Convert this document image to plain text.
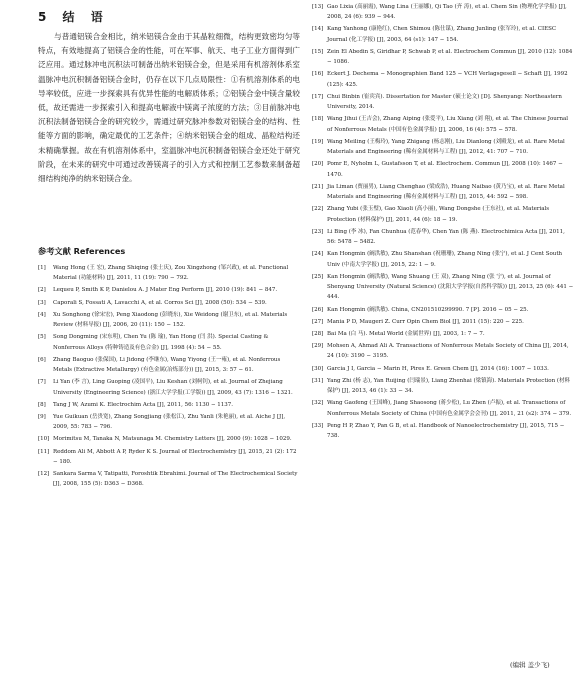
5 结 语
与普通铝镁合金相比，纳米铝镁合金由于其晶粒细微，结构更致密均匀等特点，有效地提高了铝镁合金的性能，可在军事、航天、电子工业方面得到广泛应用。通过脉冲电沉积法可制备出纳米铝镁合金，但是采用有机溶剂体系室温脉冲电沉积制备铝镁合金时，仍存在以下几点局限性：①有机溶剂体系的电导率较低，应进一步探索具有优异性能的电解质体系；②铝镁合金中镁含量较低，故还需进一步探索引入和提高电解液中镁离子浓度的方法；③目前脉冲电沉积法制备铝镁合金的研究较少，需通过研究脉冲参数对铝镁合金的结构、性能等方面的影响，确定最优的工艺条件；④纳米铝镁合金的组成、晶粒结构还未精确掌握。故在有机溶剂体系中，室温脉冲电沉积制备铝镁合金还处于研究阶段，在未来的研究中可通过改善镁离子的引入方式和控制工艺参数来制备超细结构纯净的纳米铝镁合金。
参考文献 References
[1] Wang Hong (王 宏), Zhang Shiqing (张士庆), Zou Xingzhong (邹兴政), et al. Functional Material (功能材料) [J], 2011, 11 (19): 790 − 792.
[2] Lequeu P, Smith K P, Danielou A. J Mater Eng Perform [J], 2010 (19): 841 − 847.
[3] Caporali S, Fossati A, Lavacchi A, et al. Corros Sci [J], 2008 (50): 534 − 539.
[4] Xu Songhong (徐宋宏), Peng Xiaodong (彭晓东), Xie Weidong (谢卫东), et al. Materials Review (材料导报) [J], 2006, 20 (11): 150 − 152.
[5] Song Dongming (宋东明), Chen Yu (陈 瑜), Yan Hong (闫 洪). Special Casting & Nonferrous Alloys (特种铸造及有色合金) [J], 1998 (4): 54 − 55.
[6] Zhang Baoguo (张保国), Li Jidong (李继东), Wang Yiyong (王一雍), et al. Nonferrous Metals (Extractive Metallurgy) (有色金属(冶炼部分)) [J], 2015, 3: 57 − 61.
[7] Li Yan (李 言), Ling Guoping (凌国平), Liu Keshan (刘柯钊), et al. Journal of Zhejiang University (Engineering Science) (浙江大学学报(工学版)) [J], 2009, 43 (7): 1316 − 1321.
[8] Tang J W, Azumi K. Electrochim Acta [J], 2011, 56: 1130 − 1137.
[9] Yue Guikuan (岳贵宽), Zhang Songjiang (张松江), Zhu Yanli (朱艳丽), et al. Aiche J [J], 2009, 55: 783 − 796.
[10] Morimitsu M, Tanaka N, Matsunaga M. Chemistry Letters [J], 2000 (9): 1028 − 1029.
[11] Reddom Ali M, Abbott A P, Ryder K S. Journal of Electrochemistry [J], 2015, 21 (2): 172 − 180.
[12] Sankara Sarma V, Tatipatti, Foroshtik Ebrahimi. Journal of The Electrochemical Society [J], 2008, 155 (5): D363 − D368.
[13] Gao Lixia (高丽霞), Wang Lina (王丽娜), Qi Tao (齐 涛), et al. Chem Sin (物理化学学报) [J], 2008, 24 (6): 939 − 944.
[14] Kang Yanhong (康艳红), Chen Shimou (陈仕谋), Zhang Junling (张军玲), et al. CIESC Journal (化工学报) [J], 2003, 64 (s1): 147 − 154.
[15] Zein El Abedin S, Giridhar P, Schwab P, et al. Electrochem Commun [J], 2010 (12): 1084 − 1086.
[16] Eckert J. Dechema − Monographien Band 125 − VCH Verlagsgesell − Schaft [J], 1992 (125): 425.
[17] Chui Binbin (崔宾宾). Dissertation for Master (硕士论文) [D]. Shenyang: Northeastern University, 2014.
[18] Wang Jihui (王吉会), Zhang Aiping (张爱平), Liu Xiang (刘 翔), et al. The Chinese Journal of Nonferrous Metals (中国有色金属学报) [J], 2006, 16 (4): 575 − 578.
[19] Wang Meiling (王梅玲), Yang Zhigang (杨志刚), Liu Dianlong (刘殿龙), et al. Rare Metal Materials and Engineering (稀有金属材料与工程) [J], 2012, 41: 707 − 710.
[20] Pomr E, Nyholm L, Gustafsson T, et al. Electrochem. Commun [J], 2008 (10): 1467 − 1470.
[21] Jia Liman (贾丽男), Liang Chenghao (梁成浩), Huang Naibao (黄乃宝), et al. Rare Metal Materials and Engineering (稀有金属材料与工程) [J], 2015, 44: 592 − 598.
[22] Zhang Yubi (张玉璧), Gao Xiaoli (高小丽), Wang Dongshe (王东社), et al. Materials Protection (材料保护) [J], 2011, 44 (6): 18 − 19.
[23] Li Bing (李 冰), Fan Chunhua (范春华), Chen Yan (陈 燕). Electrochimica Acta [J], 2011, 56: 5478 − 5482.
[24] Kan Hongmin (阚洪敏), Zhu Shanshan (祝珊珊), Zhang Ning (张宁), et al. J Cent South Univ (中南大学学报) [J], 2015, 22: 1 − 9.
[25] Kan Hongmin (阚洪敏), Wang Shuang (王 双), Zhang Ning (张 宁), et al. Journal of Shenyang University (Natural Science) (沈阳大学学报(自然科学版)) [J], 2013, 25 (6): 441 − 444.
[26] Kan Hongmin (阚洪敏). China, CN201510299990. 7 [P]. 2016 − 05 − 25.
[27] Mania P D, Maugeri Z. Curr Opin Chem Biol [J], 2011 (15): 220 − 225.
[28] Bai Ma (白 马). Metal World (金属世界) [J], 2003, 1: 7 − 7.
[29] Mohsen A, Ahmad Ali A. Transactions of Nonferrous Metals Society of China [J], 2014, 24 (10): 3190 − 3195.
[30] Garcia J I, Garcia − Marin H, Pires E. Green Chem [J], 2014 (16): 1007 − 1033.
[31] Yang Zhi (杨 志), Yan Ruijing (闫瑞景), Liang Zhenhai (梁镇海). Materials Protection (材料保护) [J], 2013, 46 (1): 33 − 34.
[32] Wang Gaofeng (王国峰), Jiang Shaosong (蒋少松), Lu Zhen (卢振), et al. Transactions of Nonferrous Metals Society of China (中国有色金属学会会刊) [J], 2011, 21 (s2): 374 − 379.
[33] Peng H P, Zhao Y, Pan G B, et al. Handbook of Nanoelectrochemistry [J], 2015, 715 − 738.
(编辑 盖少飞)
